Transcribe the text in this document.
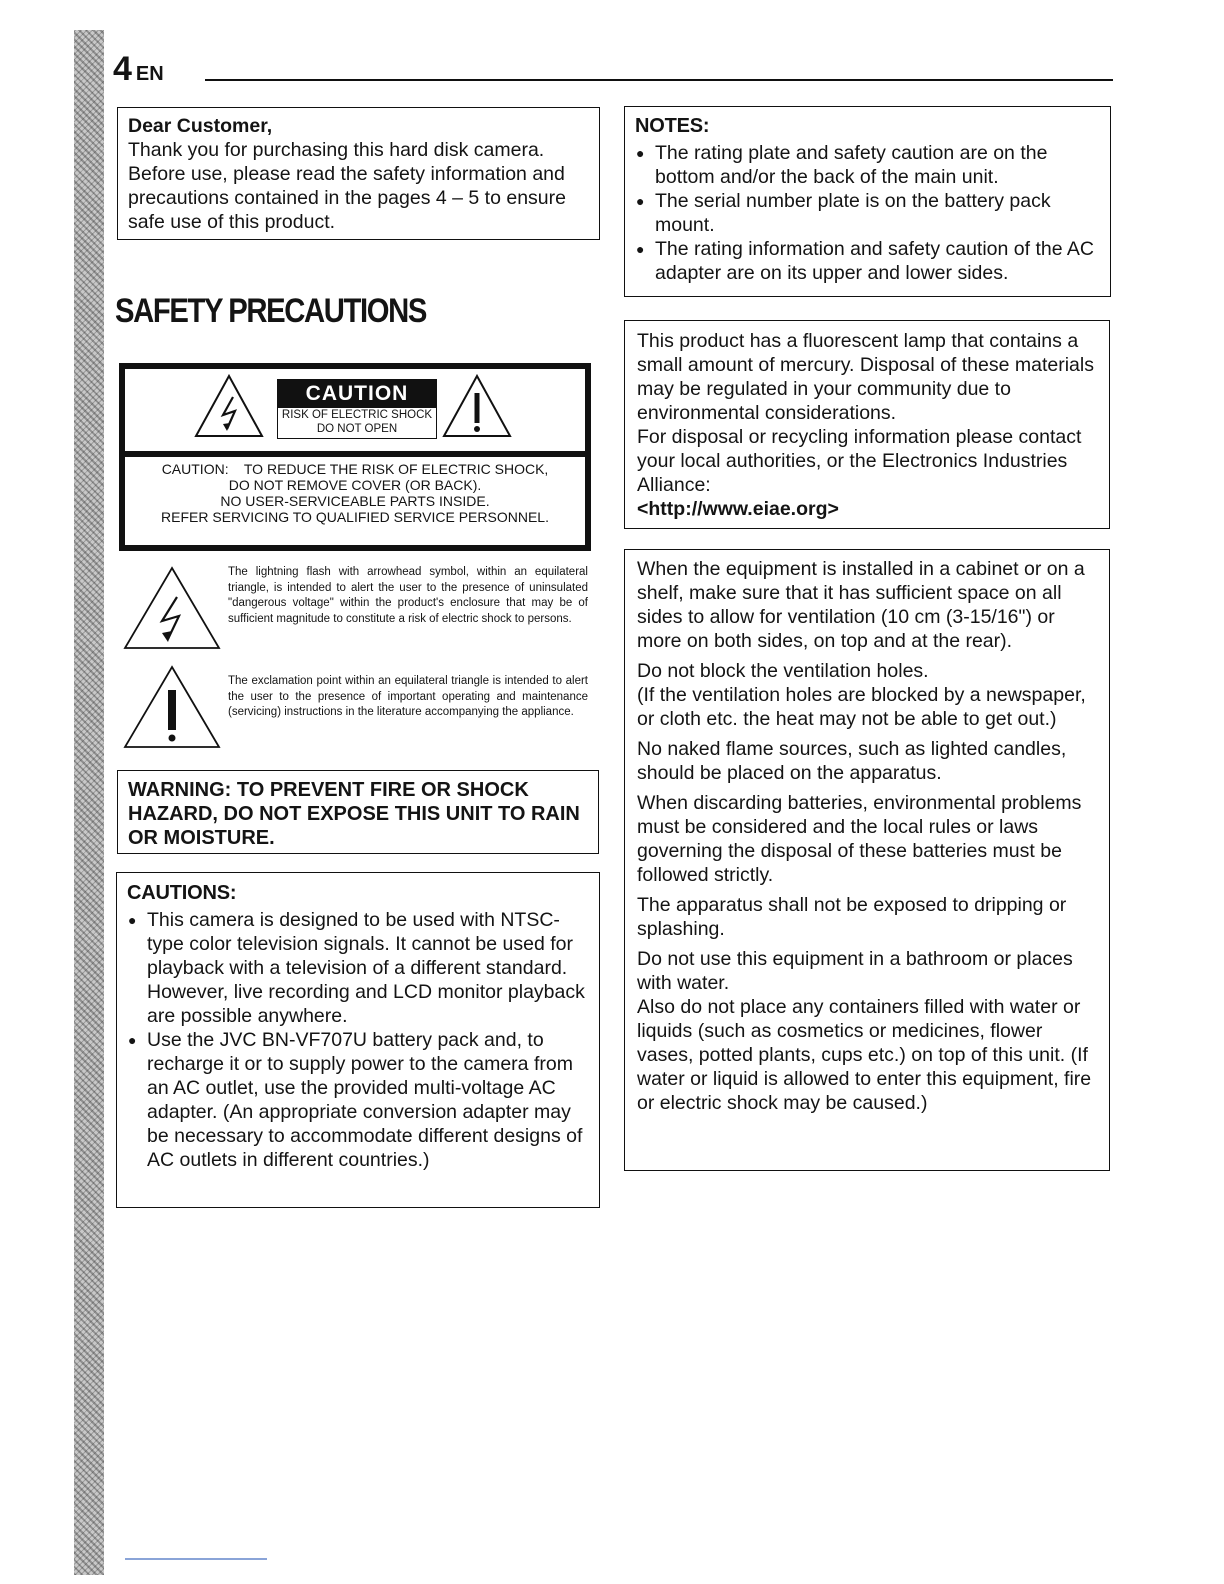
4 EN
Dear Customer,
Thank you for purchasing this hard disk camera. Before use, please read the safety information and precautions contained in the pages 4 – 5 to ensure safe use of this product.
NOTES:
● The rating plate and safety caution are on the bottom and/or the back of the main unit.
● The serial number plate is on the battery pack mount.
● The rating information and safety caution of the AC adapter are on its upper and lower sides.
SAFETY PRECAUTIONS
CAUTION
RISK OF ELECTRIC SHOCK
DO NOT OPEN
CAUTION:    TO REDUCE THE RISK OF ELECTRIC SHOCK,
DO NOT REMOVE COVER (OR BACK).
NO USER-SERVICEABLE PARTS INSIDE.
REFER SERVICING TO QUALIFIED SERVICE PERSONNEL.
The lightning flash with arrowhead symbol, within an equilateral triangle, is intended to alert the user to the presence of uninsulated "dangerous voltage" within the product's enclosure that may be of sufficient magnitude to constitute a risk of electric shock to persons.
The exclamation point within an equilateral triangle is intended to alert the user to the presence of important operating and maintenance (servicing) instructions in the literature accompanying the appliance.
WARNING: TO PREVENT FIRE OR SHOCK HAZARD, DO NOT EXPOSE THIS UNIT TO RAIN OR MOISTURE.
CAUTIONS:
● This camera is designed to be used with NTSC-type color television signals. It cannot be used for playback with a television of a different standard. However, live recording and LCD monitor playback are possible anywhere.
● Use the JVC BN-VF707U battery pack and, to recharge it or to supply power to the camera from an AC outlet, use the provided multi-voltage AC adapter. (An appropriate conversion adapter may be necessary to accommodate different designs of AC outlets in different countries.)
This product has a fluorescent lamp that contains a small amount of mercury. Disposal of these materials may be regulated in your community due to environmental considerations.
For disposal or recycling information please contact your local authorities, or the Electronics Industries Alliance:
<http://www.eiae.org>

When the equipment is installed in a cabinet or on a shelf, make sure that it has sufficient space on all sides to allow for ventilation (10 cm (3-15/16") or more on both sides, on top and at the rear).

Do not block the ventilation holes.

(If the ventilation holes are blocked by a newspaper, or cloth etc. the heat may not be able to get out.)

No naked flame sources, such as lighted candles, should be placed on the apparatus.

When discarding batteries, environmental problems must be considered and the local rules or laws governing the disposal of these batteries must be followed strictly.

The apparatus shall not be exposed to dripping or splashing.

Do not use this equipment in a bathroom or places with water.

Also do not place any containers filled with water or liquids (such as cosmetics or medicines, flower vases, potted plants, cups etc.) on top of this unit. (If water or liquid is allowed to enter this equipment, fire or electric shock may be caused.)
